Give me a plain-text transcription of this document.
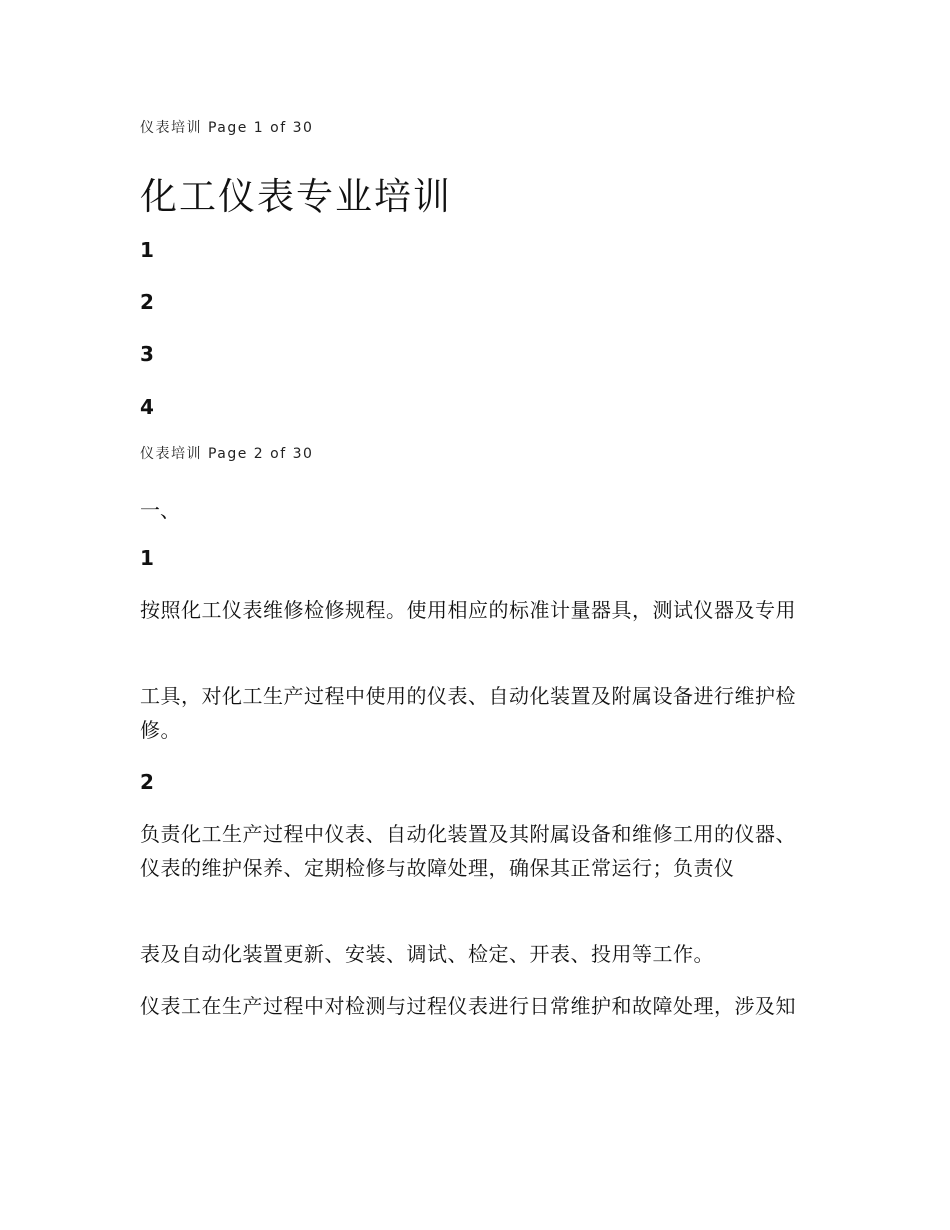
仪表培训 Page 1 of 30
化工仪表专业培训
1
2
3
4
仪表培训 Page 2 of 30
一、
1

按照化工仪表维修检修规程。使用相应的标准计量器具，测试仪器及专用

工具，对化工生产过程中使用的仪表、自动化装置及附属设备进行维护检修。

2

负责化工生产过程中仪表、自动化装置及其附属设备和维修工用的仪器、仪表的维护保养、定期检修与故障处理，确保其正常运行；负责仪

表及自动化装置更新、安装、调试、检定、开表、投用等工作。

仪表工在生产过程中对检测与过程仪表进行日常维护和故障处理，涉及知
